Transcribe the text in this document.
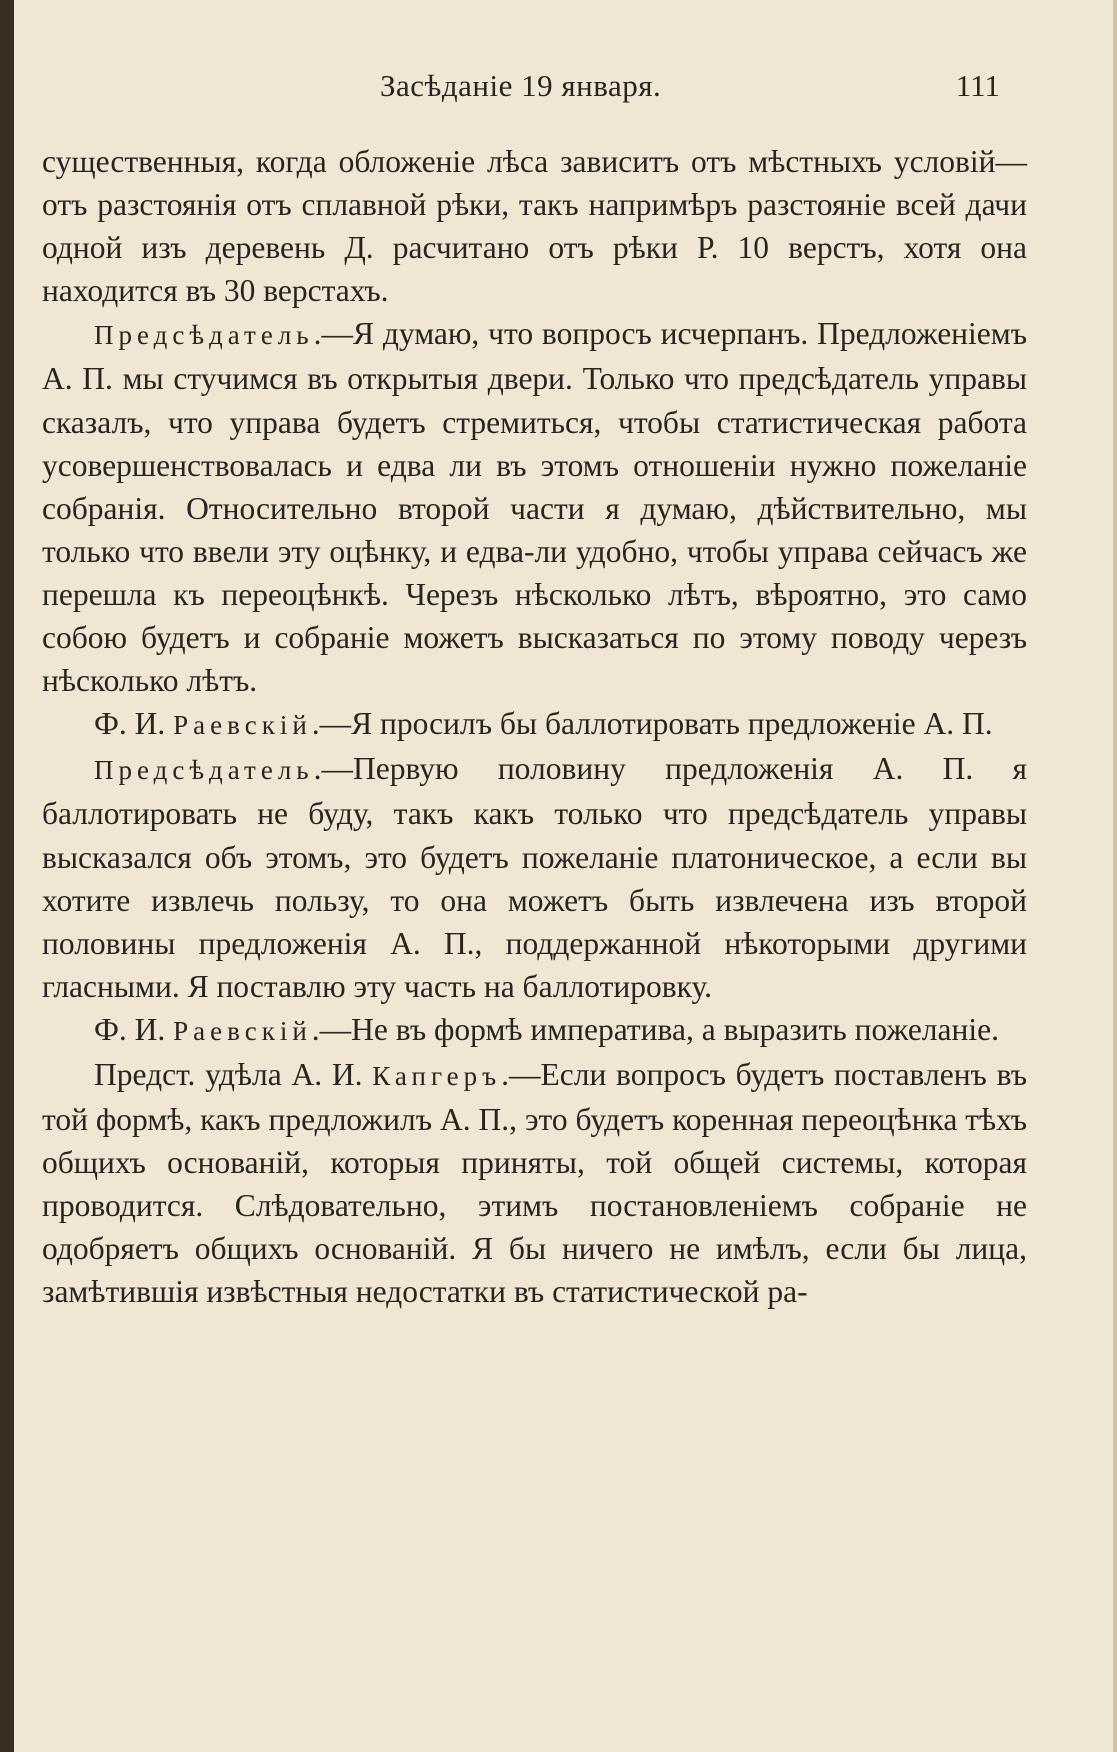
Засѣданіе 19 января.	111

существенныя, когда обложеніе лѣса зависитъ отъ мѣстныхъ условій—отъ разстоянія отъ сплавной рѣки, такъ напримѣръ разстояніе всей дачи одной изъ деревень Д. расчитано отъ рѣки Р. 10 верстъ, хотя она находится въ 30 верстахъ.

Предсѣдатель.—Я думаю, что вопросъ исчерпанъ. Предложеніемъ А. П. мы стучимся въ открытыя двери. Только что предсѣдатель управы сказалъ, что управа будетъ стремиться, чтобы статистическая работа усовершенствовалась и едва ли въ этомъ отношеніи нужно пожеланіе собранія. Относительно второй части я думаю, дѣйствительно, мы только что ввели эту оцѣнку, и едва-ли удобно, чтобы управа сейчасъ же перешла къ переоцѣнкѣ. Черезъ нѣсколько лѣтъ, вѣроятно, это само собою будетъ и собраніе можетъ высказаться по этому поводу черезъ нѣсколько лѣтъ.

Ф. И. Раевскій.—Я просилъ бы баллотировать предложеніе А. П.

Предсѣдатель.—Первую половину предложенія А. П. я баллотировать не буду, такъ какъ только что предсѣдатель управы высказался объ этомъ, это будетъ пожеланіе платоническое, а если вы хотите извлечь пользу, то она можетъ быть извлечена изъ второй половины предложенія А. П., поддержанной нѣкоторыми другими гласными. Я поставлю эту часть на баллотировку.

Ф. И. Раевскій.—Не въ формѣ императива, а выразить пожеланіе.

Предст. удѣла А. И. Капгеръ.—Если вопросъ будетъ поставленъ въ той формѣ, какъ предложилъ А. П., это будетъ коренная переоцѣнка тѣхъ общихъ основаній, которыя приняты, той общей системы, которая проводится. Слѣдовательно, этимъ постановленіемъ собраніе не одобряетъ общихъ основаній. Я бы ничего не имѣлъ, если бы лица, замѣтившія извѣстныя недостатки въ статистической ра-
